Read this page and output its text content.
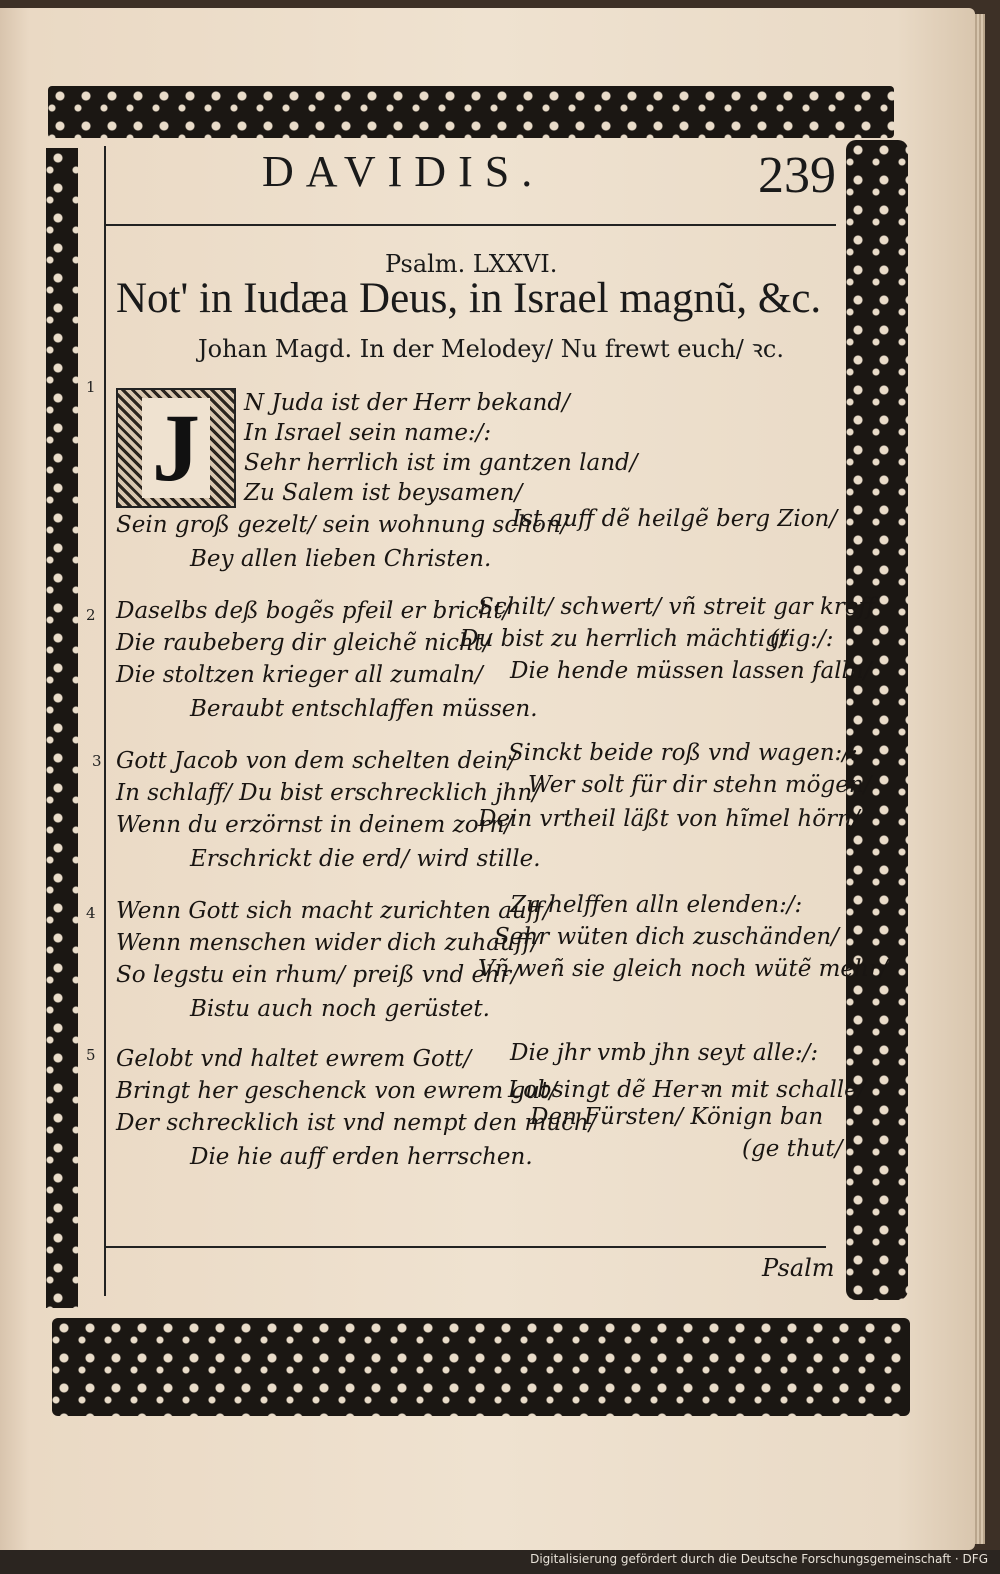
DAVIDIS.	239
Psalm. LXXVI.
Not' in Iudæa Deus, in Israel magnũ, &c.
Johan Magd. In der Melodey/ Nu frewt euch/ ꝛc.
J
1
N Juda ist der Herr bekand/
In Israel sein name:/:
Sehr herrlich ist im gantzen land/
Zu Salem ist beysamen/
Sein groß gezelt/ sein wohnung schon/
Ist auff dẽ heilgẽ berg Zion/
Bey allen lieben Christen.
2 Daselbs deß bogẽs pfeil er bricht/
Schilt/ schwert/ vñ streit gar kreff
Die raubeberg dir gleichẽ nicht/
Du bist zu herrlich mächtig/
(tig:/:
Die stoltzen krieger all zumaln/ Die hende müssen lassen falln/
Beraubt entschlaffen müssen.
3 Gott Jacob von dem schelten dein/
Sinckt beide roß vnd wagen:/:
In schlaff/ Du bist erschrecklich jhn/
Wer solt für dir stehn mögen/
Wenn du erzörnst in deinem zorn/
Dein vrtheil läßt von hĩmel hörn/
Erschrickt die erd/ wird stille.
4 Wenn Gott sich macht zurichten auff/
Zu helffen alln elenden:/:
Wenn menschen wider dich zuhauff/
Sehr wüten dich zuschänden/
So legstu ein rhum/ preiß vnd ehr/
Vñ weñ sie gleich noch wütẽ mehr/
Bistu auch noch gerüstet.
5 Gelobt vnd haltet ewrem Gott/ Die jhr vmb jhn seyt alle:/:
Bringt her geschenck von ewrem gut/
Lobsingt dẽ Herꝛn mit schalle/
Der schrecklich ist vnd nempt den much/
Den Fürsten/ Könign ban
(ge thut/
Die hie auff erden herrschen.
Psalm
Digitalisierung gefördert durch die Deutsche Forschungsgemeinschaft · DFG
